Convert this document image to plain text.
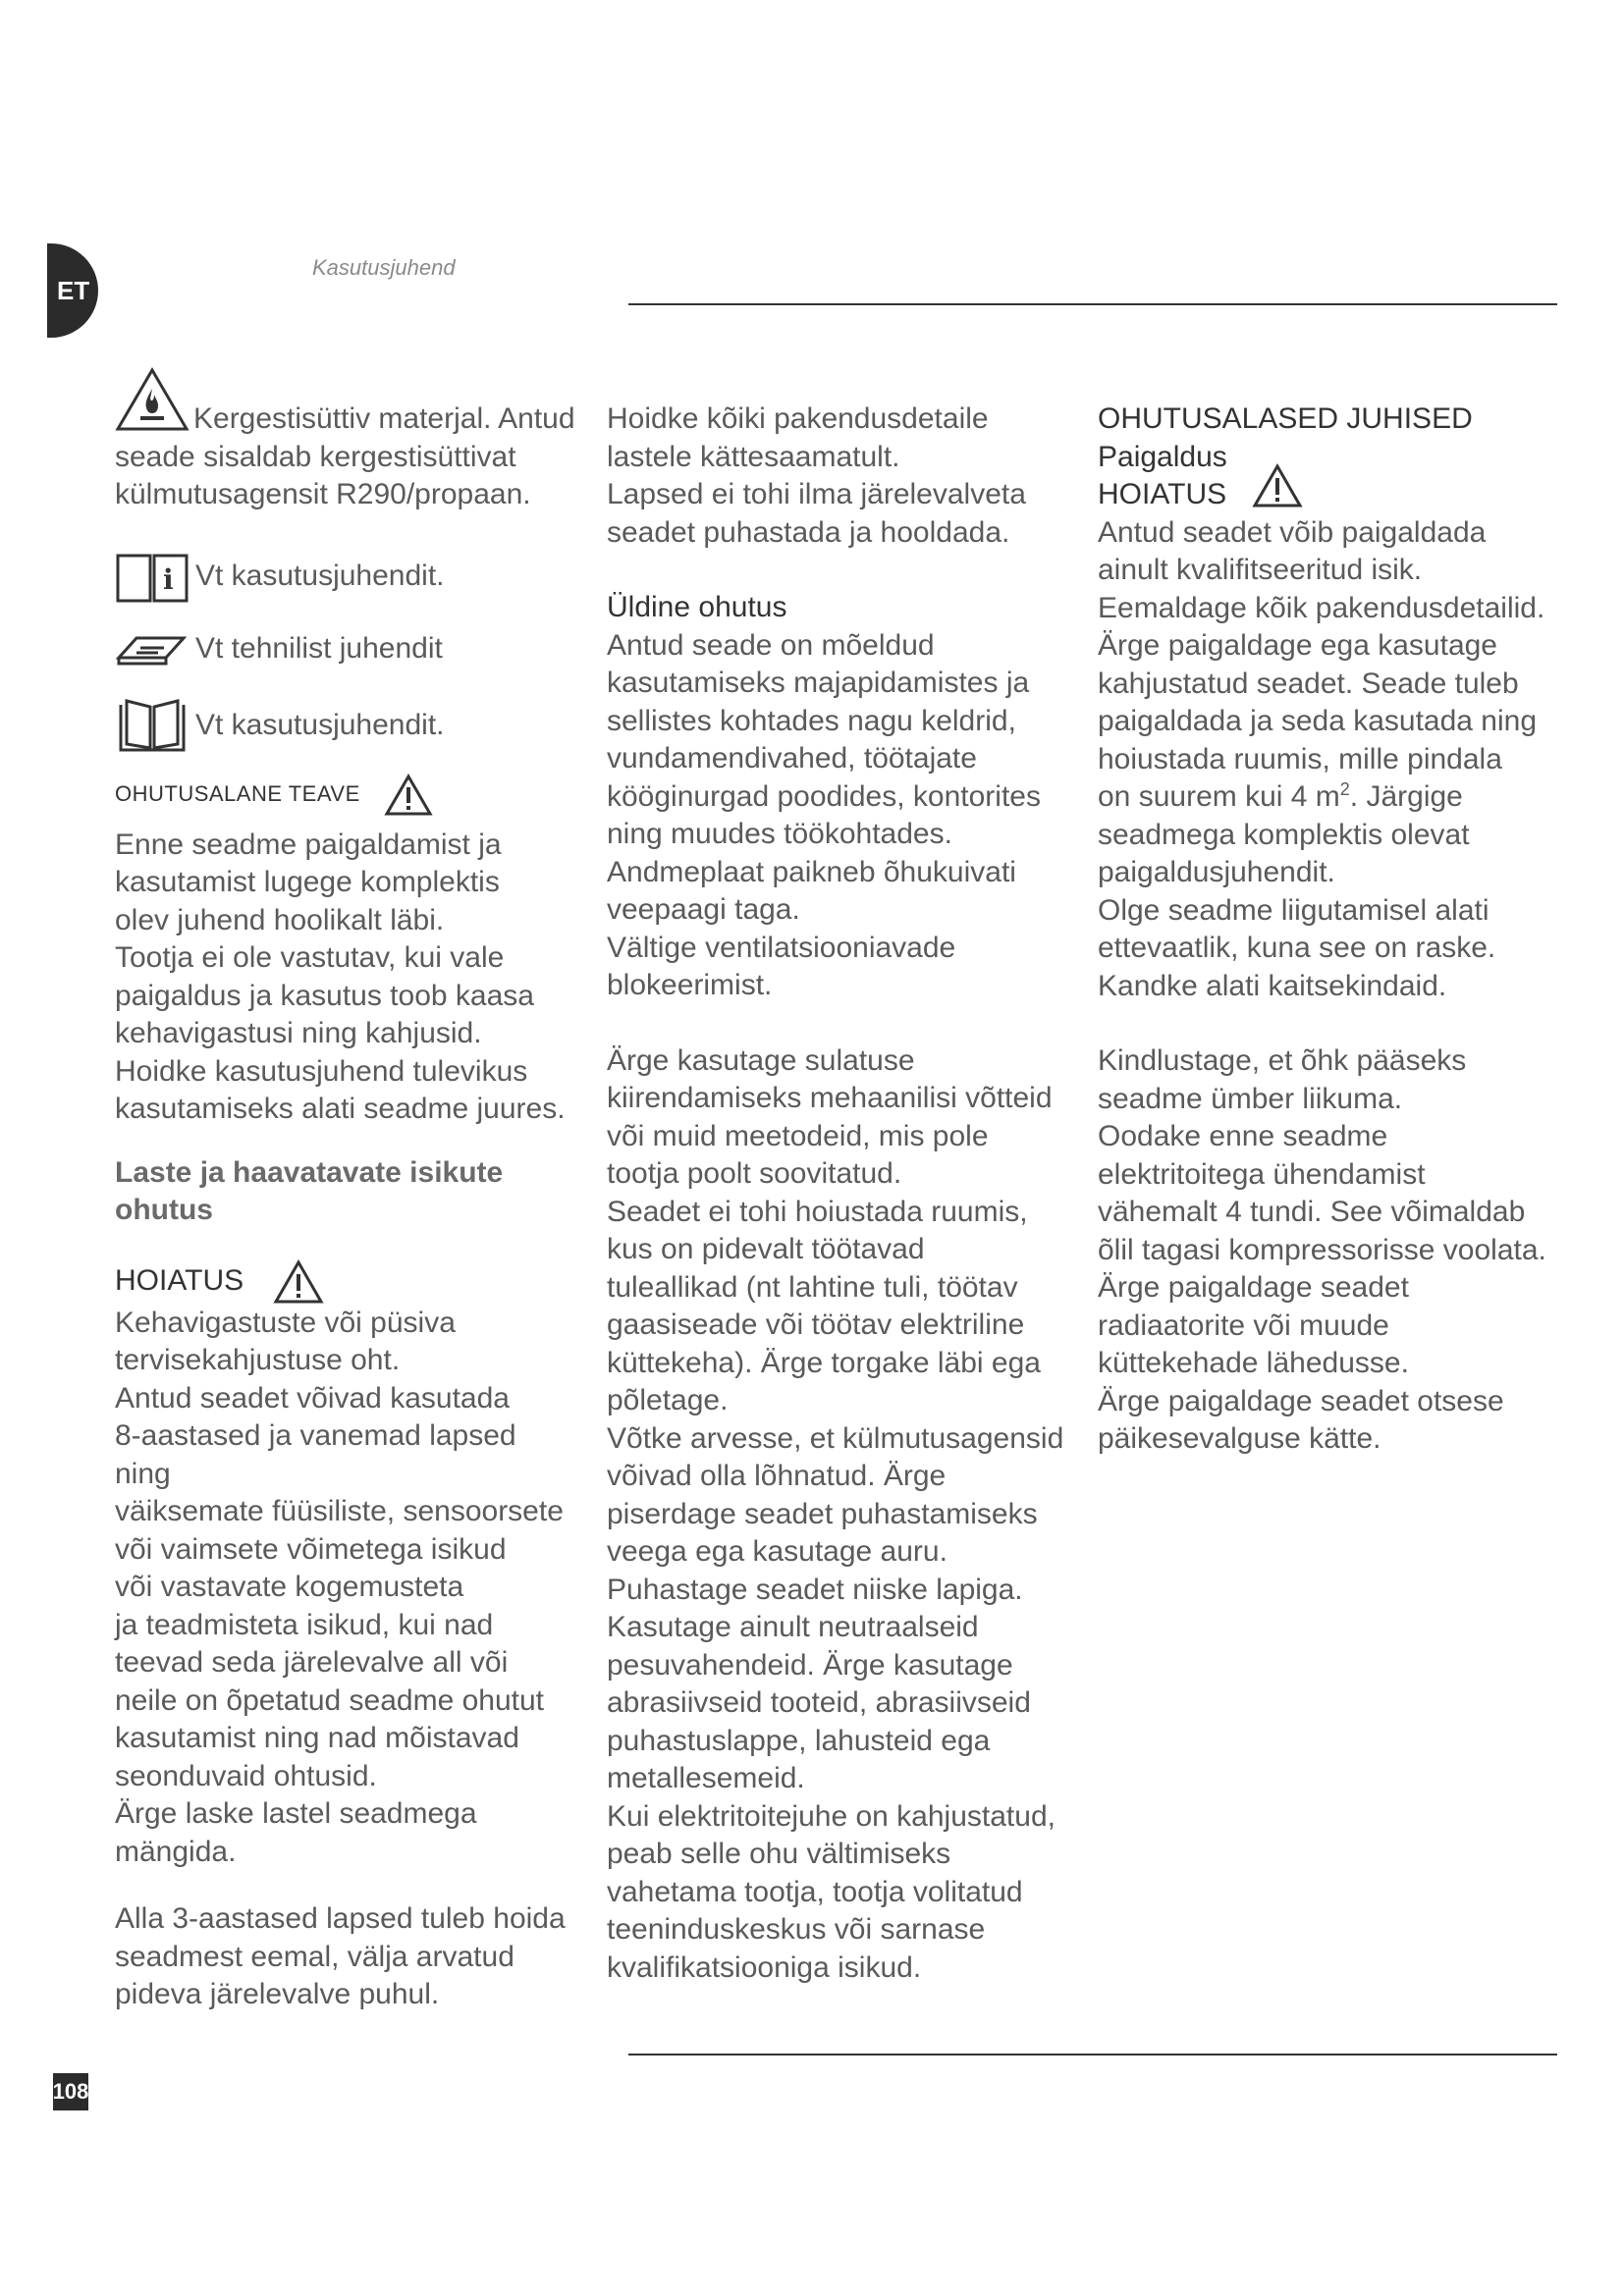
ET
Kasutusjuhend
108

Kergestisüttiv materjal. Antud seade sisaldab kergestisüttivat külmutusagensit R290/propaan.

i Vt kasutusjuhendit.
Vt tehnilist juhendit
Vt kasutusjuhendit.
OHUTUSALANE TEAVE

Enne seadme paigaldamist ja
kasutamist lugege komplektis
olev juhend hoolikalt läbi.
Tootja ei ole vastutav, kui vale
paigaldus ja kasutus toob kaasa
kehavigastusi ning kahjusid.
Hoidke kasutusjuhend tulevikus
kasutamiseks alati seadme juures.

Laste ja haavatavate isikute ohutus

HOIATUS

Kehavigastuste või püsiva
tervisekahjustuse oht.
Antud seadet võivad kasutada
8-aastased ja vanemad lapsed ning
väiksemate füüsiliste, sensoorsete
või vaimsete võimetega isikud
või vastavate kogemusteta
ja teadmisteta isikud, kui nad
teevad seda järelevalve all või
neile on õpetatud seadme ohutut
kasutamist ning nad mõistavad
seonduvaid ohtusid.
Ärge laske lastel seadmega
mängida.

Alla 3-aastased lapsed tuleb hoida
seadmest eemal, välja arvatud
pideva järelevalve puhul.

Hoidke kõiki pakendusdetaile
lastele kättesaamatult.
Lapsed ei tohi ilma järelevalveta
seadet puhastada ja hooldada.

Üldine ohutus

Antud seade on mõeldud
kasutamiseks majapidamistes ja
sellistes kohtades nagu keldrid,
vundamendivahed, töötajate
kööginurgad poodides, kontorites
ning muudes töökohtades.
Andmeplaat paikneb õhukuivati
veepaagi taga.
Vältige ventilatsiooniavade
blokeerimist.

Ärge kasutage sulatuse
kiirendamiseks mehaanilisi võtteid
või muid meetodeid, mis pole
tootja poolt soovitatud.
Seadet ei tohi hoiustada ruumis,
kus on pidevalt töötavad
tuleallikad (nt lahtine tuli, töötav
gaasiseade või töötav elektriline
küttekeha). Ärge torgake läbi ega
põletage.
Võtke arvesse, et külmutusagensid
võivad olla lõhnatud. Ärge
piserdage seadet puhastamiseks
veega ega kasutage auru.
Puhastage seadet niiske lapiga.
Kasutage ainult neutraalseid
pesuvahendeid. Ärge kasutage
abrasiivseid tooteid, abrasiivseid
puhastuslappe, lahusteid ega
metallesemeid.
Kui elektritoitejuhe on kahjustatud,
peab selle ohu vältimiseks
vahetama tootja, tootja volitatud
teeninduskeskus või sarnase
kvalifikatsiooniga isikud.

OHUTUSALASED JUHISED

Paigaldus

HOIATUS

Antud seadet võib paigaldada
ainult kvalifitseeritud isik.
Eemaldage kõik pakendusdetailid.
Ärge paigaldage ega kasutage
kahjustatud seadet. Seade tuleb
paigaldada ja seda kasutada ning
hoiustada ruumis, mille pindala
on suurem kui 4 $m^2$. Järgige
seadmega komplektis olevat
paigaldusjuhendit.
Olge seadme liigutamisel alati
ettevaatlik, kuna see on raske.
Kandke alati kaitsekindaid.

Kindlustage, et õhk pääseks
seadme ümber liikuma.
Oodake enne seadme
elektritoitega ühendamist
vähemalt 4 tundi. See võimaldab
õlil tagasi kompressorisse voolata.
Ärge paigaldage seadet
radiaatorite või muude
küttekehade lähedusse.
Ärge paigaldage seadet otsese
päikesevalguse kätte.
